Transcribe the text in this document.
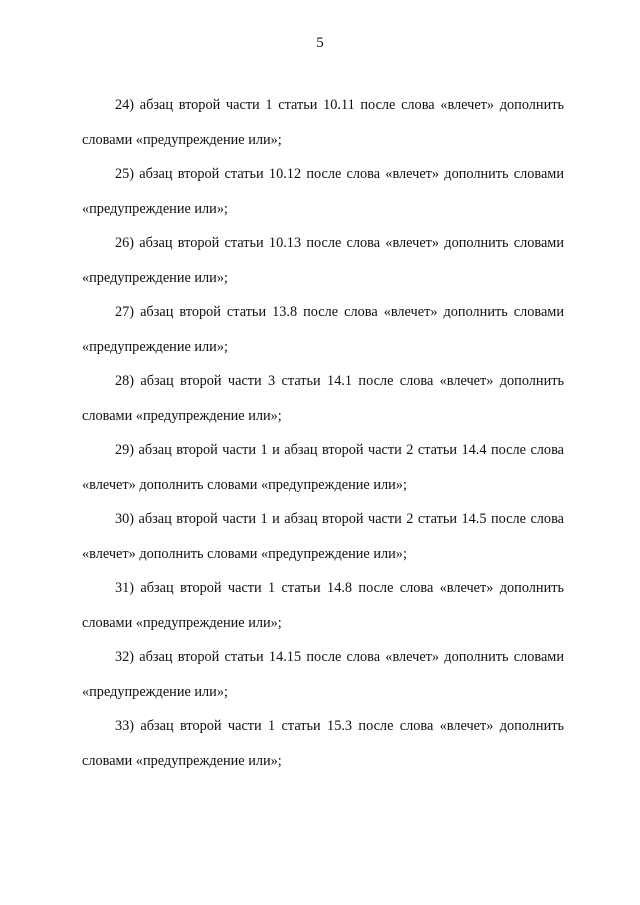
5

24) абзац второй части 1 статьи 10.11 после слова «влечет» дополнить словами «предупреждение или»;

25) абзац второй статьи 10.12 после слова «влечет» дополнить словами «предупреждение или»;

26) абзац второй статьи 10.13 после слова «влечет» дополнить словами «предупреждение или»;

27) абзац второй статьи 13.8 после слова «влечет» дополнить словами «предупреждение или»;

28) абзац второй части 3 статьи 14.1 после слова «влечет» дополнить словами «предупреждение или»;

29) абзац второй части 1 и абзац второй части 2 статьи 14.4 после слова «влечет» дополнить словами «предупреждение или»;

30) абзац второй части 1 и абзац второй части 2 статьи 14.5 после слова «влечет» дополнить словами «предупреждение или»;

31) абзац второй части 1 статьи 14.8 после слова «влечет» дополнить словами «предупреждение или»;

32) абзац второй статьи 14.15 после слова «влечет» дополнить словами «предупреждение или»;

33) абзац второй части 1 статьи 15.3 после слова «влечет» дополнить словами «предупреждение или»;
